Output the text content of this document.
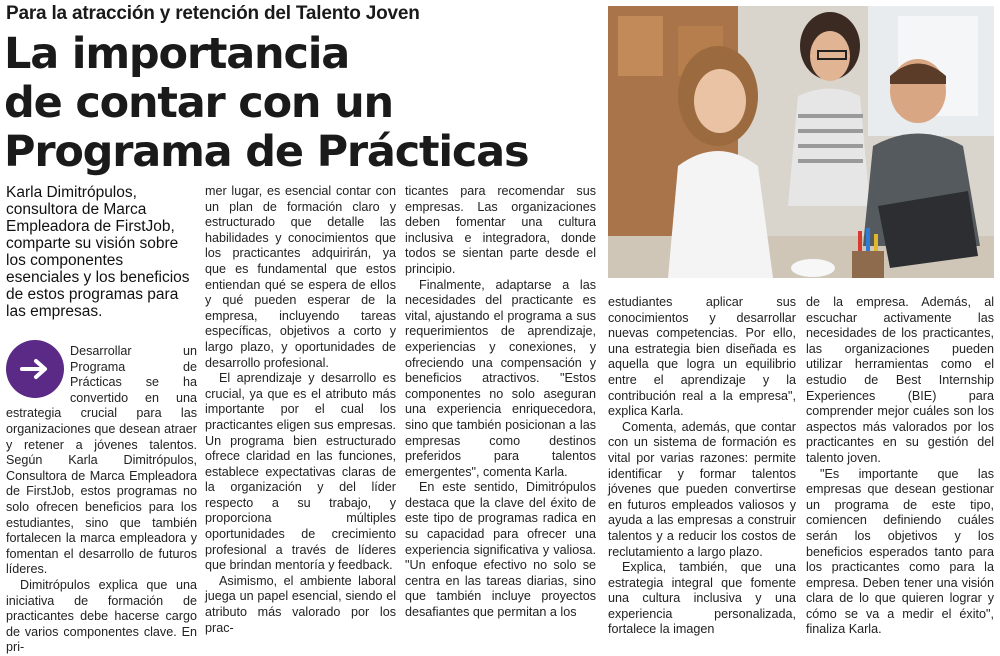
Para la atracción y retención del Talento Joven
La importancia
de contar con un
Programa de Prácticas
Karla Dimitrópulos, consultora de Marca Empleadora de FirstJob, comparte su visión sobre los componentes esenciales y los beneficios de estos programas para las empresas.

Desarrollar un Programa de Prácticas se ha convertido en una estrategia crucial para las organizaciones que desean atraer y retener a jóvenes talentos. Según Karla Dimitrópulos, Consultora de Marca Empleadora de FirstJob, estos programas no solo ofrecen beneficios para los estudiantes, sino que también fortalecen la marca empleadora y fomentan el desarrollo de futuros líderes.

Dimitrópulos explica que una iniciativa de formación de practicantes debe hacerse cargo de varios componentes clave. En pri-

mer lugar, es esencial contar con un plan de formación claro y estructurado que detalle las habilidades y conocimientos que los practicantes adquirirán, ya que es fundamental que estos entiendan qué se espera de ellos y qué pueden esperar de la empresa, incluyendo tareas específicas, objetivos a corto y largo plazo, y oportunidades de desarrollo profesional.

El aprendizaje y desarrollo es crucial, ya que es el atributo más importante por el cual los practicantes eligen sus empresas. Un programa bien estructurado ofrece claridad en las funciones, establece expectativas claras de la organización y del líder respecto a su trabajo, y proporciona múltiples oportunidades de crecimiento profesional a través de líderes que brindan mentoría y feedback.

Asimismo, el ambiente laboral juega un papel esencial, siendo el atributo más valorado por los prac-

ticantes para recomendar sus empresas. Las organizaciones deben fomentar una cultura inclusiva e integradora, donde todos se sientan parte desde el principio.

Finalmente, adaptarse a las necesidades del practicante es vital, ajustando el programa a sus requerimientos de aprendizaje, experiencias y conexiones, y ofreciendo una compensación y beneficios atractivos. "Estos componentes no solo aseguran una experiencia enriquecedora, sino que también posicionan a las empresas como destinos preferidos para talentos emergentes", comenta Karla.

En este sentido, Dimitrópulos destaca que la clave del éxito de este tipo de programas radica en su capacidad para ofrecer una experiencia significativa y valiosa. "Un enfoque efectivo no solo se centra en las tareas diarias, sino que también incluye proyectos desafiantes que permitan a los

estudiantes aplicar sus conocimientos y desarrollar nuevas competencias. Por ello, una estrategia bien diseñada es aquella que logra un equilibrio entre el aprendizaje y la contribución real a la empresa", explica Karla.

Comenta, además, que contar con un sistema de formación es vital por varias razones: permite identificar y formar talentos jóvenes que pueden convertirse en futuros empleados valiosos y ayuda a las empresas a construir talentos y a reducir los costos de reclutamiento a largo plazo.

Explica, también, que una estrategia integral que fomente una cultura inclusiva y una experiencia personalizada, fortalece la imagen

de la empresa. Además, al escuchar activamente las necesidades de los practicantes, las organizaciones pueden utilizar herramientas como el estudio de Best Internship Experiences (BIE) para comprender mejor cuáles son los aspectos más valorados por los practicantes en su gestión del talento joven.

"Es importante que las empresas que desean gestionar un programa de este tipo, comiencen definiendo cuáles serán los objetivos y los beneficios esperados tanto para los practicantes como para la empresa. Deben tener una visión clara de lo que quieren lograr y cómo se va a medir el éxito", finaliza Karla.
